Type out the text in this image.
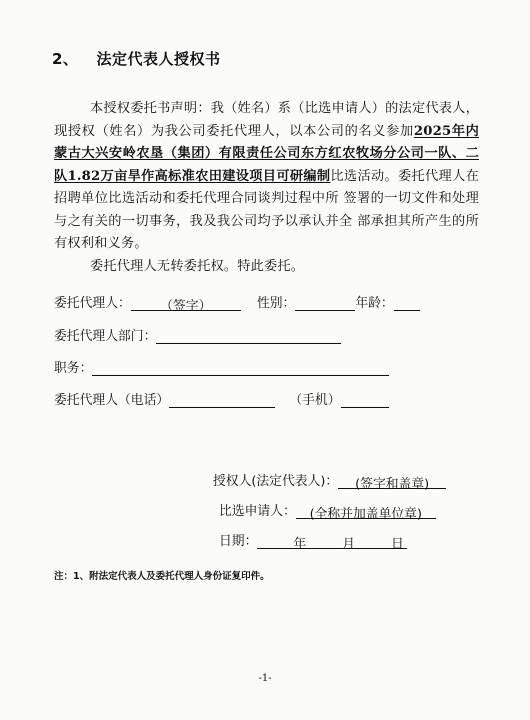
2、 法定代表人授权书

本授权委托书声明：我（姓名）系（比选申请人）的法定代表人，现授权（姓名）为我公司委托代理人，以本公司的名义参加2025年内蒙古大兴安岭农垦（集团）有限责任公司东方红农牧场分公司一队、二队1.82万亩旱作高标准农田建设项目可研编制比选活动。委托代理人在招聘单位比选活动和委托代理合同谈判过程中所 签署的一切文件和处理与之有关的一切事务，我及我公司均予以承认并全 部承担其所产生的所有权利和义务。

委托代理人无转委托权。特此委托。

委托代理人： （签字）	性别：	年龄：
委托代理人部门：
职务：
委托代理人（电话）	（手机）
授权人(法定代表人)： (签字和盖章)
比选申请人： (全称并加盖单位章)
日期：	年	月	日
注：1、附法定代表人及委托代理人身份证复印件。
-1-
